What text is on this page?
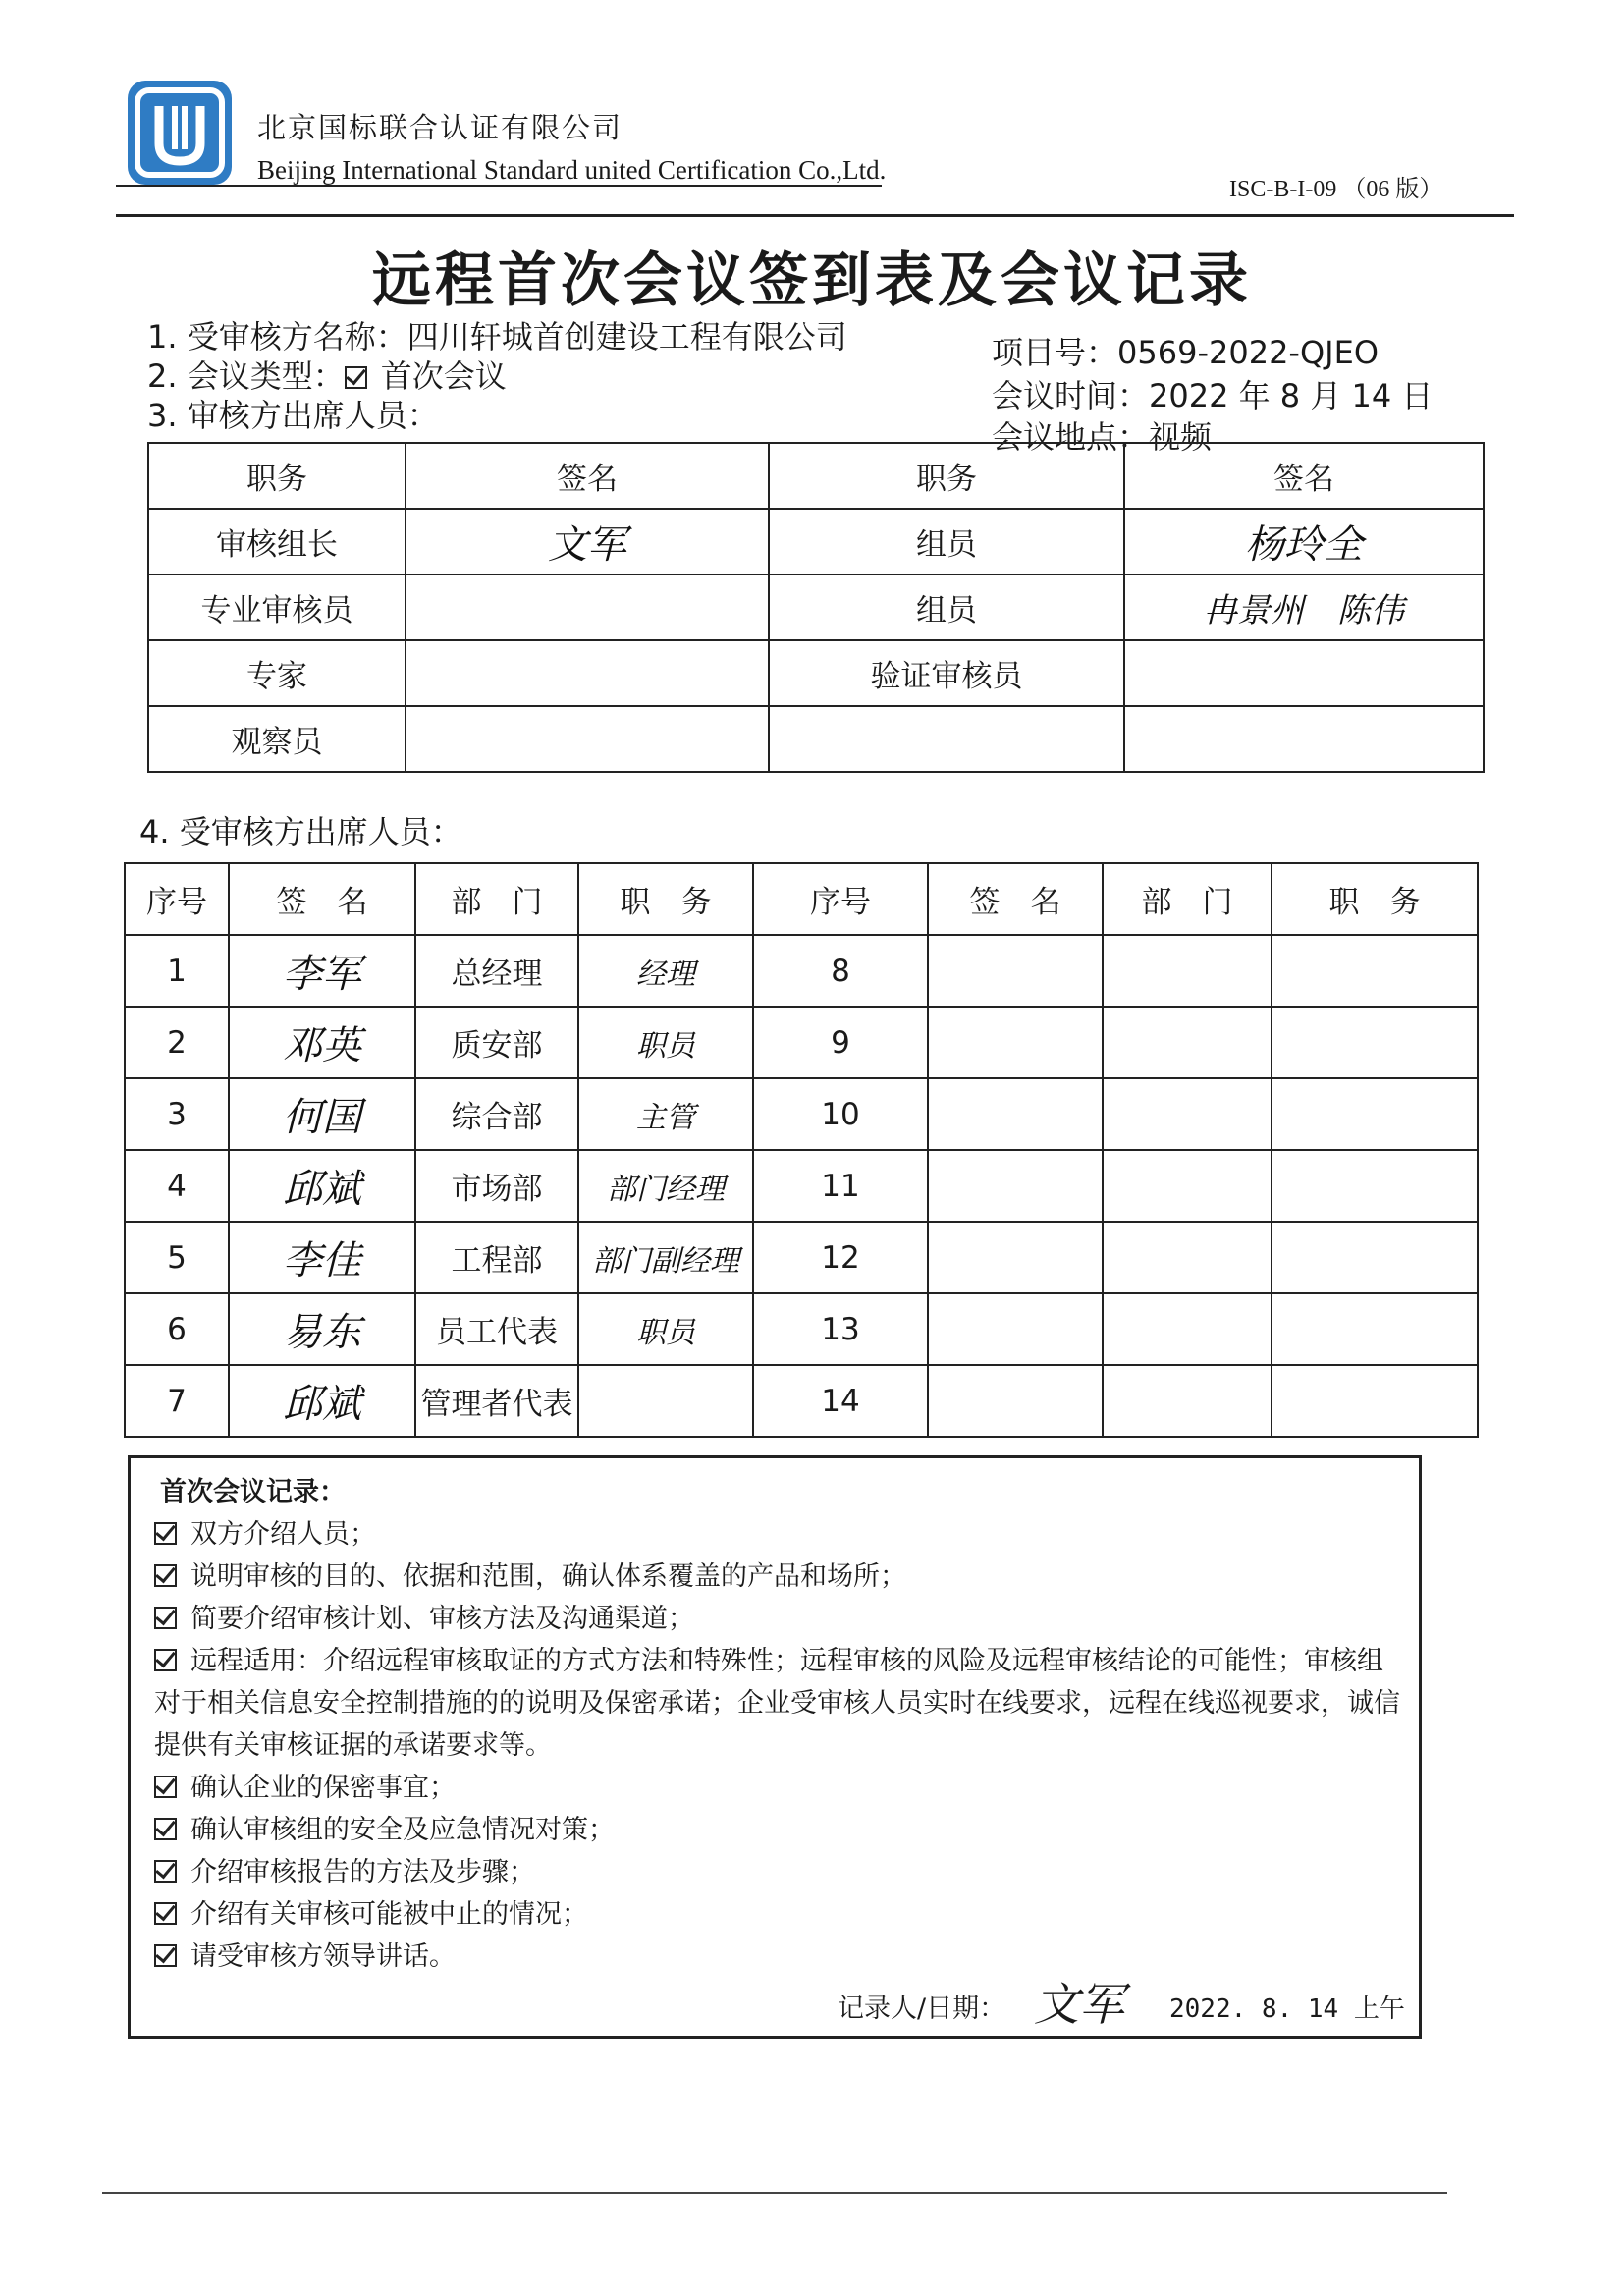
北京国标联合认证有限公司
Beijing International Standard united Certification Co.,Ltd.
ISC-B-I-09 （06 版）
远程首次会议签到表及会议记录
1. 受审核方名称：四川轩城首创建设工程有限公司
2. 会议类型： 首次会议
3. 审核方出席人员：
项目号：0569-2022-QJEO
会议时间：2022 年 8 月 14 日
会议地点：视频
职务	签名	职务	签名
审核组长	文军	组员	杨玲全
专业审核员		组员	冉景州　陈伟
专家		验证审核员	
观察员			
4. 受审核方出席人员：
序号	签　名	部　门	职　务	序号	签　名	部　门	职　务
1	李军	总经理	经理	8			
2	邓英	质安部	职员	9			
3	何国	综合部	主管	10			
4	邱斌	市场部	部门经理	11			
5	李佳	工程部	部门副经理	12			
6	易东	员工代表	职员	13			
7	邱斌	管理者代表		14			
首次会议记录：
双方介绍人员；
说明审核的目的、依据和范围，确认体系覆盖的产品和场所；
简要介绍审核计划、审核方法及沟通渠道；
远程适用：介绍远程审核取证的方式方法和特殊性；远程审核的风险及远程审核结论的可能性；审核组对于相关信息安全控制措施的的说明及保密承诺；企业受审核人员实时在线要求，远程在线巡视要求，诚信提供有关审核证据的承诺要求等。
确认企业的保密事宜；
确认审核组的安全及应急情况对策；
介绍审核报告的方法及步骤；
介绍有关审核可能被中止的情况；
请受审核方领导讲话。
记录人/日期： 文军 2022. 8. 14 上午
